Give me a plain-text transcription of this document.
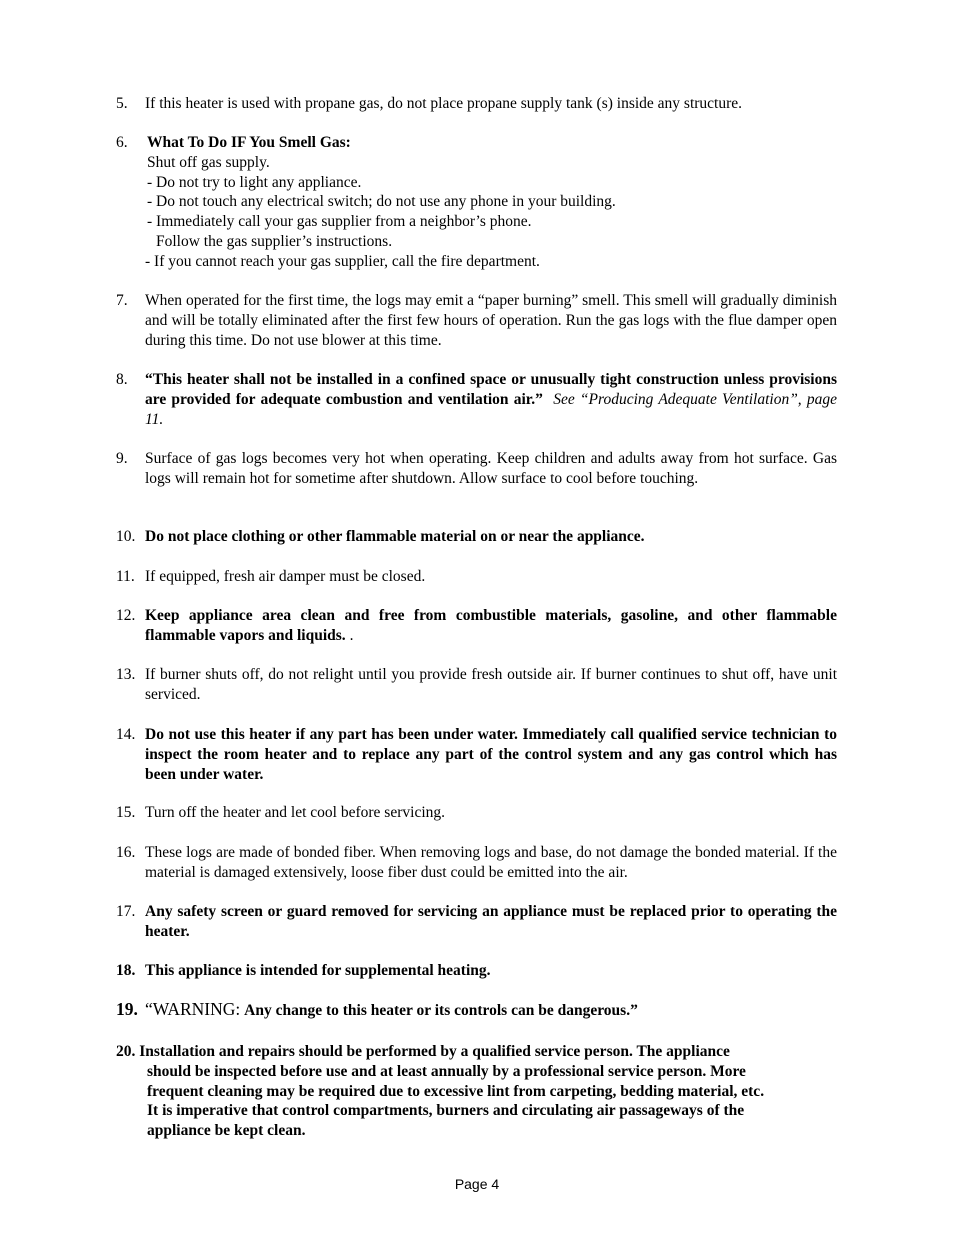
5. If this heater is used with propane gas, do not place propane supply tank (s) inside any structure.
6. What To Do IF You Smell Gas:
Shut off gas supply.
- Do not try to light any appliance.
- Do not touch any electrical switch; do not use any phone in your building.
- Immediately call your gas supplier from a neighbor’s phone.
Follow the gas supplier’s instructions.
- If you cannot reach your gas supplier, call the fire department.
7. When operated for the first time, the logs may emit a “paper burning” smell. This smell will gradually diminish and will be totally eliminated after the first few hours of operation. Run the gas logs with the flue damper open during this time. Do not use blower at this time.
8. “This heater shall not be installed in a confined space or unusually tight construction unless provisions are provided for adequate combustion and ventilation air.” See “Producing Adequate Ventilation”, page 11.
9. Surface of gas logs becomes very hot when operating. Keep children and adults away from hot surface. Gas logs will remain hot for sometime after shutdown. Allow surface to cool before touching.
10. Do not place clothing or other flammable material on or near the appliance.
11. If equipped, fresh air damper must be closed.
12. Keep appliance area clean and free from combustible materials, gasoline, and other flammable flammable vapors and liquids. .
13. If burner shuts off, do not relight until you provide fresh outside air. If burner continues to shut off, have unit serviced.
14. Do not use this heater if any part has been under water. Immediately call qualified service technician to inspect the room heater and to replace any part of the control system and any gas control which has been under water.
15. Turn off the heater and let cool before servicing.
16. These logs are made of bonded fiber. When removing logs and base, do not damage the bonded material. If the material is damaged extensively, loose fiber dust could be emitted into the air.
17. Any safety screen or guard removed for servicing an appliance must be replaced prior to operating the heater.
18. This appliance is intended for supplemental heating.
19. “WARNING: Any change to this heater or its controls can be dangerous.”
20. Installation and repairs should be performed by a qualified service person. The appliance
should be inspected before use and at least annually by a professional service person. More
frequent cleaning may be required due to excessive lint from carpeting, bedding material, etc.
It is imperative that control compartments, burners and circulating air passageways of the
appliance be kept clean.
Page 4
